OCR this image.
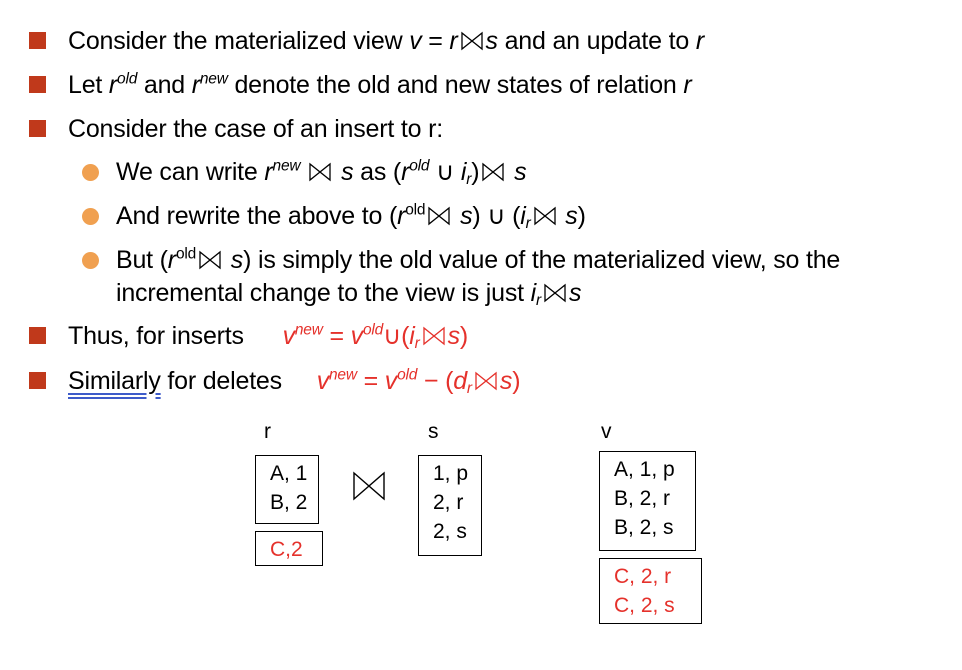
Consider the materialized view v = r s and an update to r
Let $r^{old}$ and $r^{new}$ denote the old and new states of relation r
Consider the case of an insert to r:
We can write $r^{new}$ s as ($r^{old}$ ∪ $i_r$) s
And rewrite the above to ($r^{old}$ s) ∪ ($i_r$ s)
But ($r^{old}$ s) is simply the old value of the materialized view, so the
incremental change to the view is just $i_r$ s
Thus, for inserts $v^{new}$ = $v^{old}\cup(i_r$ s)
Similarly for deletes $v^{new} = v^{old} - (d_r$ s)
r	s	v
A, 1
B, 2
C,2
1, p
2, r
2, s
A, 1, p
B, 2, r
B, 2, s
C, 2, r
C, 2, s
